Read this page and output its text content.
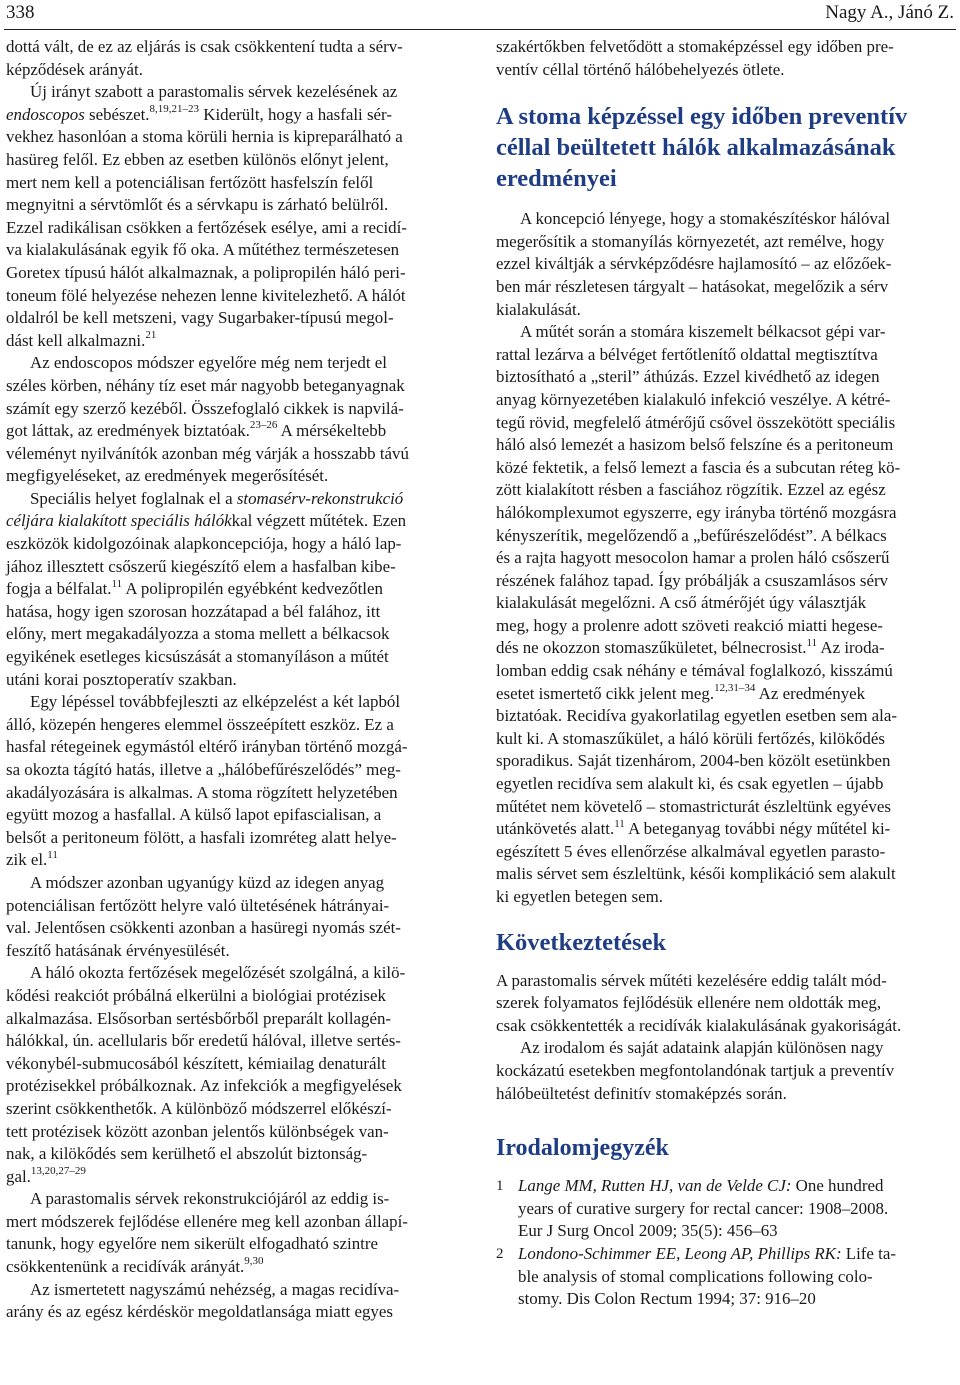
338	Nagy A., Jánó Z.

dottá vált, de ez az eljárás is csak csökkentení tudta a sérv-
képződések arányát.

Új irányt szabott a parastomalis sérvek kezelésének az
endoscopos sebészet.$^{8,19,21-23}$ Kiderült, hogy a hasfali sér-
vekhez hasonlóan a stoma körüli hernia is kipreparálható a
hasüreg felől. Ez ebben az esetben különös előnyt jelent,
mert nem kell a potenciálisan fertőzött hasfelszín felől
megnyitni a sérvtömlőt és a sérvkapu is zárható belülről.
Ezzel radikálisan csökken a fertőzések esélye, ami a recidí-
va kialakulásának egyik fő oka. A műtéthez természetesen
Goretex típusú hálót alkalmaznak, a polipropilén háló peri-
toneum fölé helyezése nehezen lenne kivitelezhető. A hálót
oldalról be kell metszeni, vagy Sugarbaker-típusú megol-
dást kell alkalmazni.$^{21}$

Az endoscopos módszer egyelőre még nem terjedt el
széles körben, néhány tíz eset már nagyobb beteganyagnak
számít egy szerző kezéből. Összefoglaló cikkek is napvilá-
got láttak, az eredmények biztatóak.$^{23-26}$ A mérsékeltebb
véleményt nyilvánítók azonban még várják a hosszabb távú
megfigyeléseket, az eredmények megerősítését.

Speciális helyet foglalnak el a stomasérv-rekonstrukció
céljára kialakított speciális hálókkal végzett műtétek. Ezen
eszközök kidolgozóinak alapkoncepciója, hogy a háló lap-
jához illesztett csőszerű kiegészítő elem a hasfalban kibe-
fogja a bélfalat.$^{11}$ A polipropilén egyébként kedvezőtlen
hatása, hogy igen szorosan hozzátapad a bél falához, itt
előny, mert megakadályozza a stoma mellett a bélkacsok
egyikének esetleges kicsúszását a stomanyíláson a műtét
utáni korai posztoperatív szakban.

Egy lépéssel továbbfejleszti az elképzelést a két lapból
álló, közepén hengeres elemmel összeépített eszköz. Ez a
hasfal rétegeinek egymástól eltérő irányban történő mozgá-
sa okozta tágító hatás, illetve a „hálóbefűrészelődés” meg-
akadályozására is alkalmas. A stoma rögzített helyzetében
együtt mozog a hasfallal. A külső lapot epifascialisan, a
belsőt a peritoneum fölött, a hasfali izomréteg alatt helye-
zik el.$^{11}$

A módszer azonban ugyanúgy küzd az idegen anyag
potenciálisan fertőzött helyre való ültetésének hátrányai-
val. Jelentősen csökkenti azonban a hasüregi nyomás szét-
feszítő hatásának érvényesülését.

A háló okozta fertőzések megelőzését szolgálná, a kilö-
kődési reakciót próbálná elkerülni a biológiai protézisek
alkalmazása. Elsősorban sertésbőrből preparált kollagén-
hálókkal, ún. acellularis bőr eredetű hálóval, illetve sertés-
vékonybél-submucosából készített, kémiailag denaturált
protézisekkel próbálkoznak. Az infekciók a megfigyelések
szerint csökkenthetők. A különböző módszerrel előkészí-
tett protézisek között azonban jelentős különbségek van-
nak, a kilökődés sem kerülhető el abszolút biztonság-
gal.$^{13,20,27-29}$

A parastomalis sérvek rekonstrukciójáról az eddig is-
mert módszerek fejlődése ellenére meg kell azonban állapí-
tanunk, hogy egyelőre nem sikerült elfogadható szintre
csökkentenünk a recidívák arányát.$^{9,30}$

Az ismertetett nagyszámú nehézség, a magas recidíva-
arány és az egész kérdéskör megoldatlansága miatt egyes

szakértőkben felvetődött a stomaképzéssel egy időben pre-
ventív céllal történő hálóbehelyezés ötlete.

A stoma képzéssel egy időben preventív
céllal beültetett hálók alkalmazásának
eredményei

A koncepció lényege, hogy a stomakészítéskor hálóval
megerősítik a stomanyílás környezetét, azt remélve, hogy
ezzel kiváltják a sérvképződésre hajlamosító – az előzőek-
ben már részletesen tárgyalt – hatásokat, megelőzik a sérv
kialakulását.

A műtét során a stomára kiszemelt bélkacsot gépi var-
rattal lezárva a bélvéget fertőtlenítő oldattal megtisztítva
biztosítható a „steril” áthúzás. Ezzel kivédhető az idegen
anyag környezetében kialakuló infekció veszélye. A kétré-
tegű rövid, megfelelő átmérőjű csővel összekötött speciális
háló alsó lemezét a hasizom belső felszíne és a peritoneum
közé fektetik, a felső lemezt a fascia és a subcutan réteg kö-
zött kialakított résben a fasciához rögzítik. Ezzel az egész
hálókomplexumot egyszerre, egy irányba történő mozgásra
kényszerítik, megelőzendő a „befűrészelődést”. A bélkacs
és a rajta hagyott mesocolon hamar a prolen háló csőszerű
részének falához tapad. Így próbálják a csuszamlásos sérv
kialakulását megelőzni. A cső átmérőjét úgy választják
meg, hogy a prolenre adott szöveti reakció miatti hegese-
dés ne okozzon stomaszűkületet, bélnecrosist.$^{11}$ Az iroda-
lomban eddig csak néhány e témával foglalkozó, kisszámú
esetet ismertető cikk jelent meg.$^{12,31-34}$ Az eredmények
biztatóak. Recidíva gyakorlatilag egyetlen esetben sem ala-
kult ki. A stomaszűkület, a háló körüli fertőzés, kilökődés
sporadikus. Saját tizenhárom, 2004-ben közölt esetünkben
egyetlen recidíva sem alakult ki, és csak egyetlen – újabb
műtétet nem követelő – stomastricturát észleltünk egyéves
utánkövetés alatt.$^{11}$ A beteganyag további négy műtétel ki-
egészített 5 éves ellenőrzése alkalmával egyetlen parasto-
malis sérvet sem észleltünk, késői komplikáció sem alakult
ki egyetlen betegen sem.

Következtetések

A parastomalis sérvek műtéti kezelésére eddig talált mód-
szerek folyamatos fejlődésük ellenére nem oldották meg,
csak csökkentették a recidívák kialakulásának gyakoriságát.

Az irodalom és saját adataink alapján különösen nagy
kockázatú esetekben megfontolandónak tartjuk a preventív
hálóbeültetést definitív stomaképzés során.

Irodalomjegyzék
1 Lange MM, Rutten HJ, van de Velde CJ: One hundred
years of curative surgery for rectal cancer: 1908–2008.
Eur J Surg Oncol 2009; 35(5): 456–63
2 Londono-Schimmer EE, Leong AP, Phillips RK: Life ta-
ble analysis of stomal complications following colo-
stomy. Dis Colon Rectum 1994; 37: 916–20
